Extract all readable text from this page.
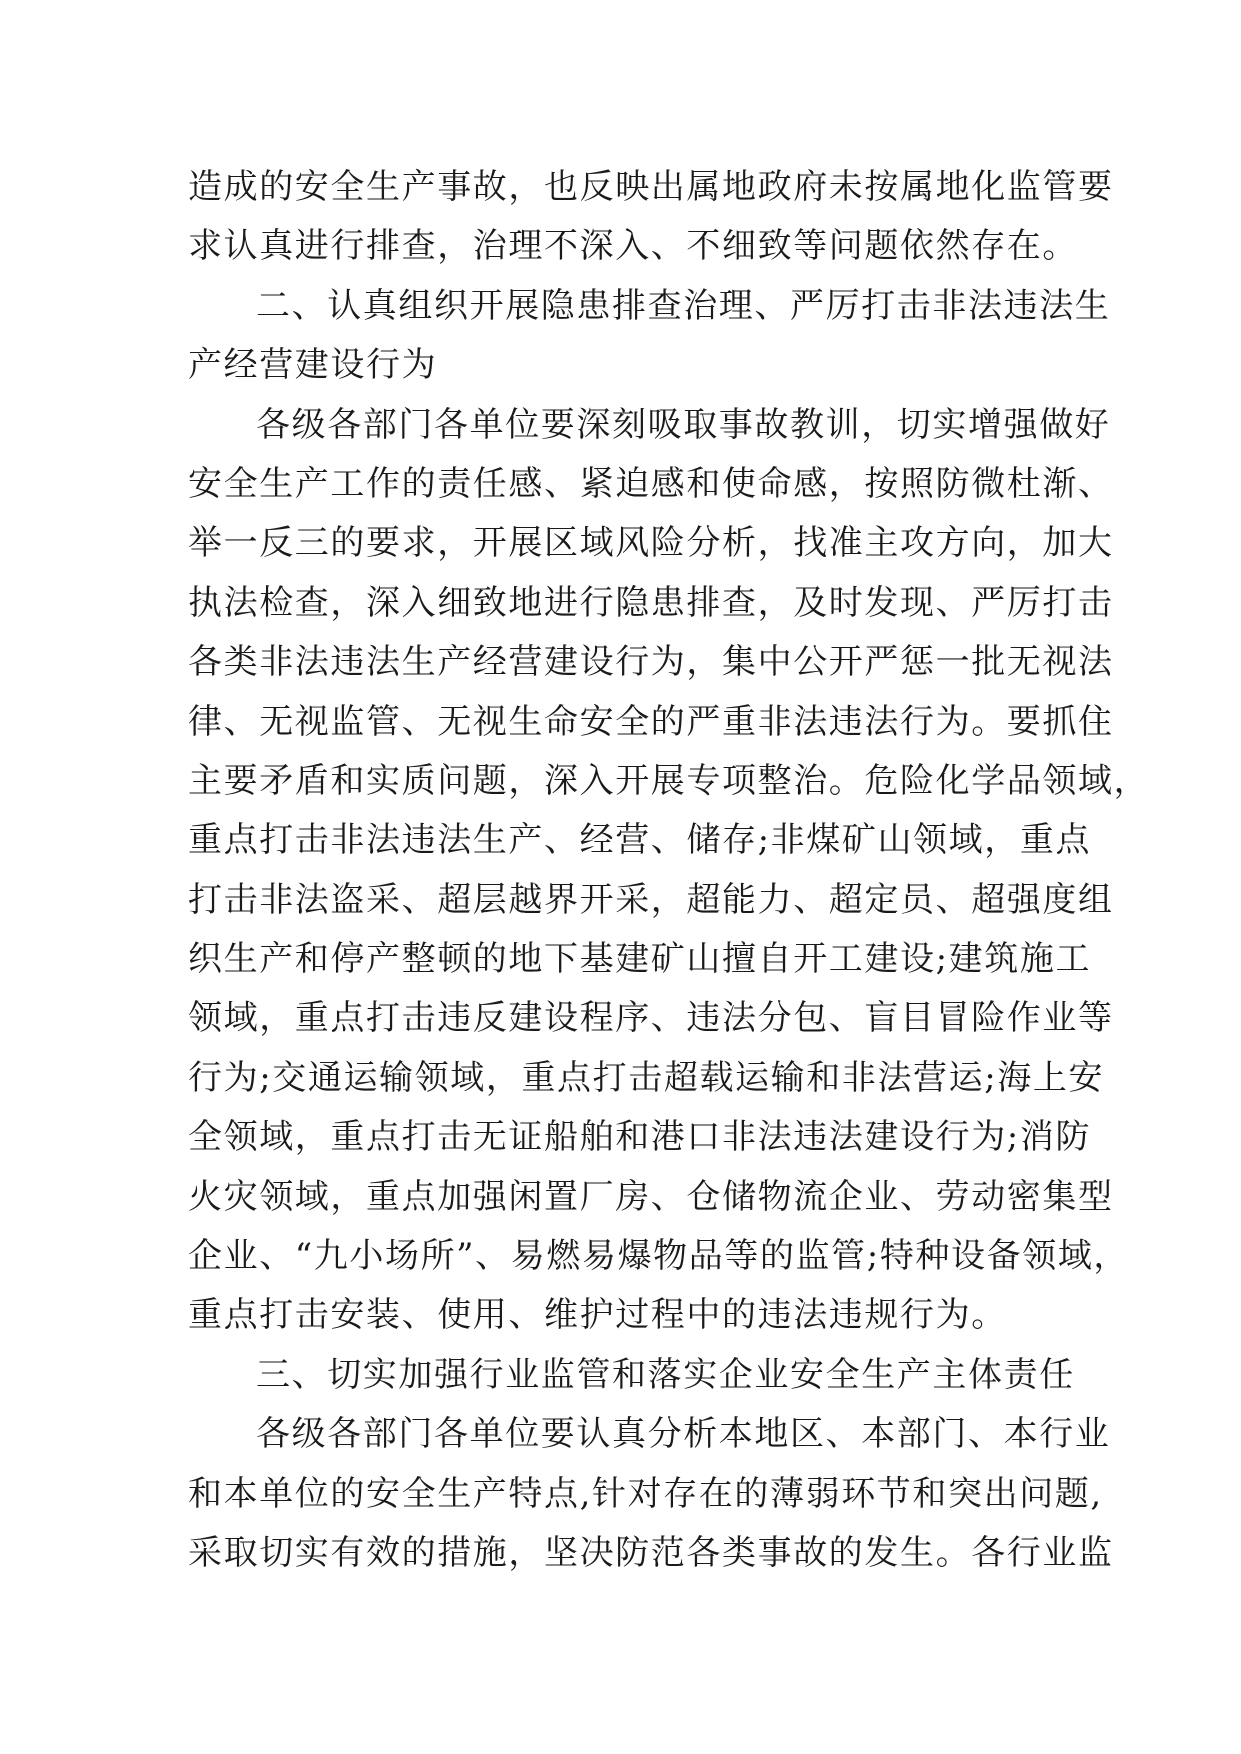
造成的安全生产事故，也反映出属地政府未按属地化监管要
求认真进行排查，治理不深入、不细致等问题依然存在。
二、认真组织开展隐患排查治理、严厉打击非法违法生
产经营建设行为
各级各部门各单位要深刻吸取事故教训，切实增强做好
安全生产工作的责任感、紧迫感和使命感，按照防微杜渐、
举一反三的要求，开展区域风险分析，找准主攻方向，加大
执法检查，深入细致地进行隐患排查，及时发现、严厉打击
各类非法违法生产经营建设行为，集中公开严惩一批无视法
律、无视监管、无视生命安全的严重非法违法行为。要抓住
主要矛盾和实质问题，深入开展专项整治。危险化学品领域，
重点打击非法违法生产、经营、储存;非煤矿山领域，重点
打击非法盗采、超层越界开采，超能力、超定员、超强度组
织生产和停产整顿的地下基建矿山擅自开工建设;建筑施工
领域，重点打击违反建设程序、违法分包、盲目冒险作业等
行为;交通运输领域，重点打击超载运输和非法营运;海上安
全领域，重点打击无证船舶和港口非法违法建设行为;消防
火灾领域，重点加强闲置厂房、仓储物流企业、劳动密集型
企业、“九小场所”、易燃易爆物品等的监管;特种设备领域，
重点打击安装、使用、维护过程中的违法违规行为。
三、切实加强行业监管和落实企业安全生产主体责任
各级各部门各单位要认真分析本地区、本部门、本行业
和本单位的安全生产特点,针对存在的薄弱环节和突出问题,
采取切实有效的措施，坚决防范各类事故的发生。各行业监
